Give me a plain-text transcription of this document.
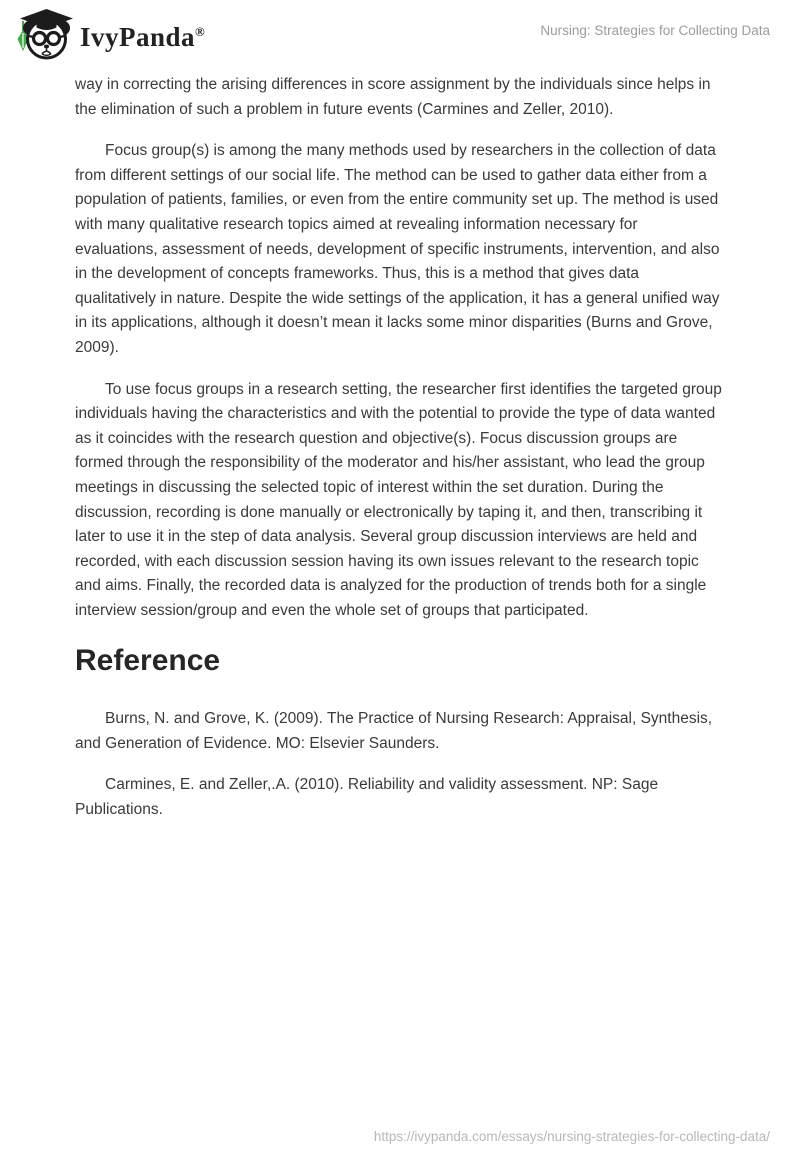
IvyPanda®	Nursing: Strategies for Collecting Data

way in correcting the arising differences in score assignment by the individuals since helps in the elimination of such a problem in future events (Carmines and Zeller, 2010).

Focus group(s) is among the many methods used by researchers in the collection of data from different settings of our social life. The method can be used to gather data either from a population of patients, families, or even from the entire community set up. The method is used with many qualitative research topics aimed at revealing information necessary for evaluations, assessment of needs, development of specific instruments, intervention, and also in the development of concepts frameworks. Thus, this is a method that gives data qualitatively in nature. Despite the wide settings of the application, it has a general unified way in its applications, although it doesn’t mean it lacks some minor disparities (Burns and Grove, 2009).

To use focus groups in a research setting, the researcher first identifies the targeted group individuals having the characteristics and with the potential to provide the type of data wanted as it coincides with the research question and objective(s). Focus discussion groups are formed through the responsibility of the moderator and his/her assistant, who lead the group meetings in discussing the selected topic of interest within the set duration. During the discussion, recording is done manually or electronically by taping it, and then, transcribing it later to use it in the step of data analysis. Several group discussion interviews are held and recorded, with each discussion session having its own issues relevant to the research topic and aims. Finally, the recorded data is analyzed for the production of trends both for a single interview session/group and even the whole set of groups that participated.

Reference

Burns, N. and Grove, K. (2009). The Practice of Nursing Research: Appraisal, Synthesis, and Generation of Evidence. MO: Elsevier Saunders.

Carmines, E. and Zeller,.A. (2010). Reliability and validity assessment. NP: Sage Publications.

https://ivypanda.com/essays/nursing-strategies-for-collecting-data/
